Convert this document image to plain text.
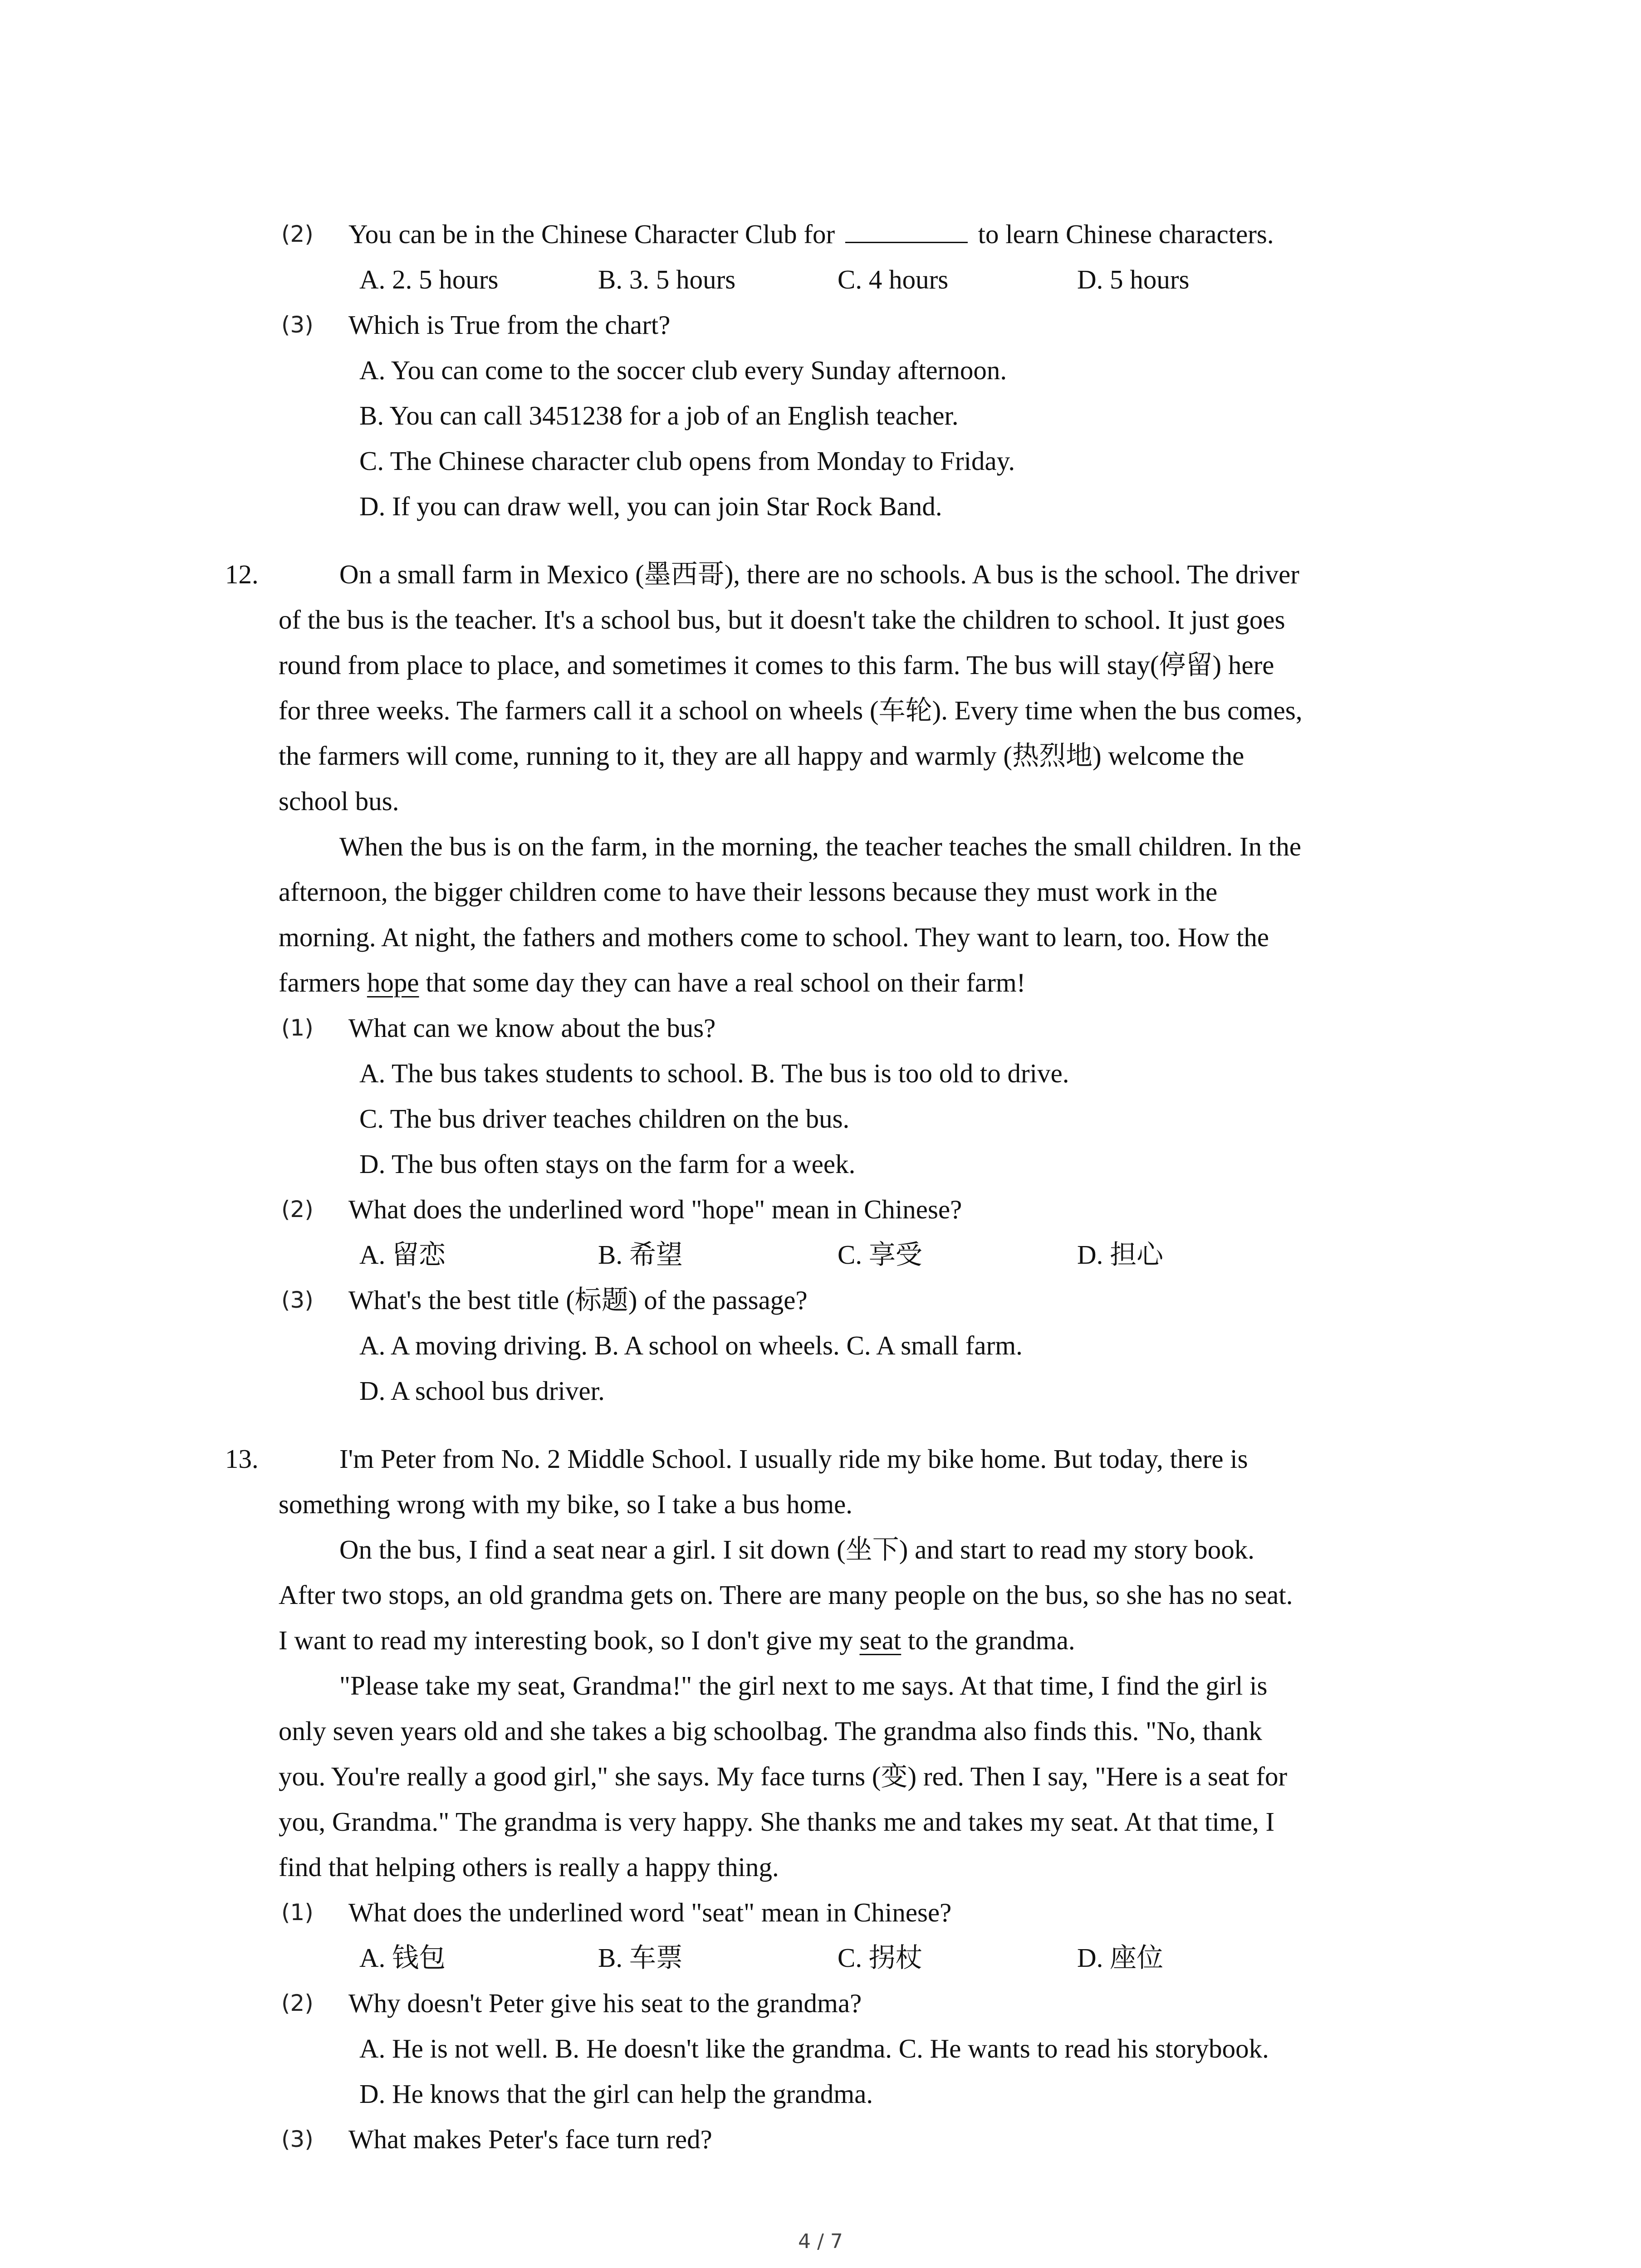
(2) You can be in the Chinese Character Club for	to learn Chinese characters.
A. 2. 5 hours	B. 3. 5 hours	C. 4 hours	D. 5 hours
(3) Which is True from the chart?
A. You can come to the soccer club every Sunday afternoon.
B. You can call 3451238 for a job of an English teacher.
C. The Chinese character club opens from Monday to Friday.
D. If you can draw well, you can join Star Rock Band.
12.	On a small farm in Mexico (墨西哥), there are no schools. A bus is the school. The driver
of the bus is the teacher. It's a school bus, but it doesn't take the children to school. It just goes
round from place to place, and sometimes it comes to this farm. The bus will stay(停留) here
for three weeks. The farmers call it a school on wheels (车轮). Every time when the bus comes,
the farmers will come, running to it, they are all happy and warmly (热烈地) welcome the
school bus.
When the bus is on the farm, in the morning, the teacher teaches the small children. In the
afternoon, the bigger children come to have their lessons because they must work in the
morning. At night, the fathers and mothers come to school. They want to learn, too. How the
farmers hope that some day they can have a real school on their farm!
(1) What can we know about the bus?
A. The bus takes students to school. B. The bus is too old to drive.
C. The bus driver teaches children on the bus.
D. The bus often stays on the farm for a week.
(2) What does the underlined word "hope" mean in Chinese?
A. 留恋	B. 希望	C. 享受	D. 担心
(3) What's the best title (标题) of the passage?
A. A moving driving. B. A school on wheels. C. A small farm.
D. A school bus driver.
13.	I'm Peter from No. 2 Middle School. I usually ride my bike home. But today, there is
something wrong with my bike, so I take a bus home.
On the bus, I find a seat near a girl. I sit down (坐下) and start to read my story book.
After two stops, an old grandma gets on. There are many people on the bus, so she has no seat.
I want to read my interesting book, so I don't give my seat to the grandma.
"Please take my seat, Grandma!" the girl next to me says. At that time, I find the girl is
only seven years old and she takes a big schoolbag. The grandma also finds this. "No, thank
you. You're really a good girl," she says. My face turns (变) red. Then I say, "Here is a seat for
you, Grandma." The grandma is very happy. She thanks me and takes my seat. At that time, I
find that helping others is really a happy thing.
(1) What does the underlined word "seat" mean in Chinese?
A. 钱包	B. 车票	C. 拐杖	D. 座位
(2) Why doesn't Peter give his seat to the grandma?
A. He is not well. B. He doesn't like the grandma. C. He wants to read his storybook.
D. He knows that the girl can help the grandma.
(3) What makes Peter's face turn red?
4 / 7
